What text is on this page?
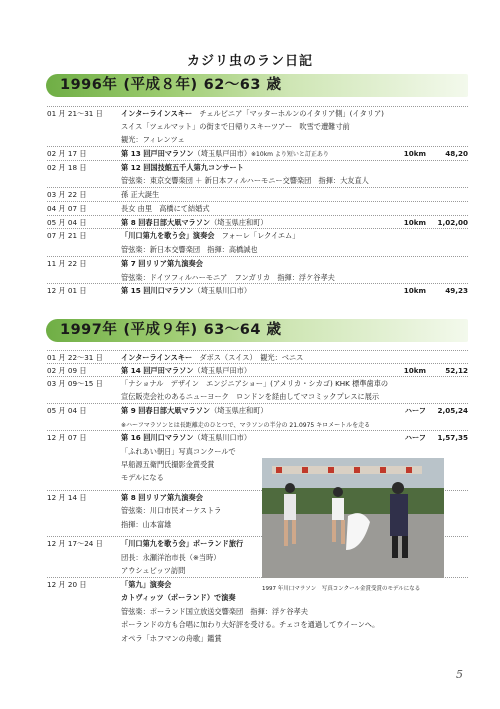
カジリ虫のラン日記
1996年 (平成８年) 62〜63 歳
1997年 (平成９年) 63〜64 歳
01 月 21〜31 日	インターラインスキー　チェルビニア「マッターホルンのイタリア側」(イタリア)
スイス「ツェルマット」の街まで日帰りスキーツアー　吹雪で遭難寸前
観光：フィレンツェ
02 月 17 日	第 13 回戸田マラソン（埼玉県戸田市）※10km より短いと訂正あり	10km	48,20
02 月 18 日	第 12 回国技館五千人第九コンサート
管弦楽：東京交響楽団 ＋ 新日本フィルハーモニー交響楽団　指揮：大友直人
03 月 22 日	孫 正大誕生
04 月 07 日	長女 由里　高橋にて結婚式
05 月 04 日	第 8 回春日部大凧マラソン（埼玉県庄和町）	10km	1,02,00
07 月 21 日	「川口第九を歌う会」演奏会　フォーレ「レクイエム」
管弦楽：新日本交響楽団　指揮：高橋誠也
11 月 22 日	第 7 回リリア第九演奏会
管弦楽：ドイツフィルハーモニア　フンガリカ　指揮：浮ケ谷孝夫
12 月 01 日	第 15 回川口マラソン（埼玉県川口市）	10km	49,23
01 月 22〜31 日	インターラインスキー　ダボス（スイス）　観光：ベニス
02 月 09 日	第 14 回戸田マラソン（埼玉県戸田市）	10km	52,12
03 月 09〜15 日	「ナショナル　デザイン　エンジニアショー」(アメリカ・シカゴ) KHK 標準歯車の
宣伝販売会社のあるニューヨーク　ロンドンを経由してマコミックプレスに展示
05 月 04 日	第 9 回春日部大凧マラソン（埼玉県庄和町）	ハーフ	2,05,24
※ハーフマラソンとは長距離走のひとつで、マラソンの半分の 21.0975 キロメートルを走る
12 月 07 日	第 16 回川口マラソン（埼玉県川口市）	ハーフ	1,57,35
「ふれあい朝日」写真コンクールで
早船源五衛門氏撮影金賞受賞
モデルになる
12 月 14 日	第 8 回リリア第九演奏会
管弦楽：川口市民オーケストラ
指揮：山本富雄
12 月 17〜24 日	「川口第九を歌う会」ポーランド旅行
団長：永瀬洋治市長（※当時）
アウシュビッツ訪問
12 月 20 日	「第九」演奏会
カトヴィッツ（ポーランド）で演奏
管弦楽：ポーランド国立放送交響楽団　指揮：浮ケ谷孝夫
ポーランドの方も合唱に加わり大好評を受ける。チェコを通過してウイーンへ。
オペラ「ホフマンの舟歌」鑑賞
1997 年川口マラソン　写真コンクール金賞受賞のモデルになる
5
